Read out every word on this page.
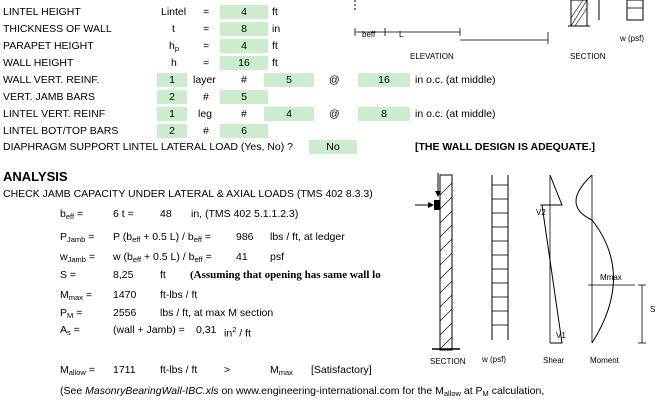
LINTEL HEIGHT	Lintel =	4	ft
THICKNESS OF WALL	t	=	8	in
PARAPET HEIGHT	$h_p$ =	4	ft
WALL HEIGHT	h =	16	ft
WALL VERT. REINF.	1	layer #	5	@	16	in o.c. (at middle)
VERT. JAMB BARS	2	#	5
LINTEL VERT. REINF	1	leg	#	4	@	8	in o.c. (at middle)
LINTEL BOT/TOP BARS	2	#	6
DIAPHRAGM SUPPORT LINTEL LATERAL LOAD (Yes, No) ?	No	[THE WALL DESIGN IS ADEQUATE.]
ANALYSIS
CHECK JAMB CAPACITY UNDER LATERAL & AXIAL LOADS (TMS 402 8.3.3)
$b_{eff}$ =	6 t =	48 in, (TMS 402 5.1.1.2.3)
$P_{Jamb} = P$ ($b_{eff} + 0.5$ $L) / b_{eff} = 986$ lbs / ft, at ledger
$w_{Jamb} = w$ ($b_{eff} + 0.5$ $L) / b_{eff} = 41$ psf
S =	8,25	ft (Assuming that opening has same wall lo
$M_{max} = 1470$ ft-lbs / ft
$P_M$ =	2556 lbs / ft, at max M section
$A_s$ =	(wall + Jamb) = 0,31 $in^2$ / ft
$M_{allow} = 1711$ ft-lbs / ft	>	$M_{max}$ [Satisfactory]
(See MasonryBearingWall-IBC.xls on www.engineering-international.com for the $M_{allow}$ at $P_M$ calculation,
beff	L
ELEVATION	SECTION
w (psf)
V2
V1
Mmax
S
SECTION w (psf)	Shear	Moment
